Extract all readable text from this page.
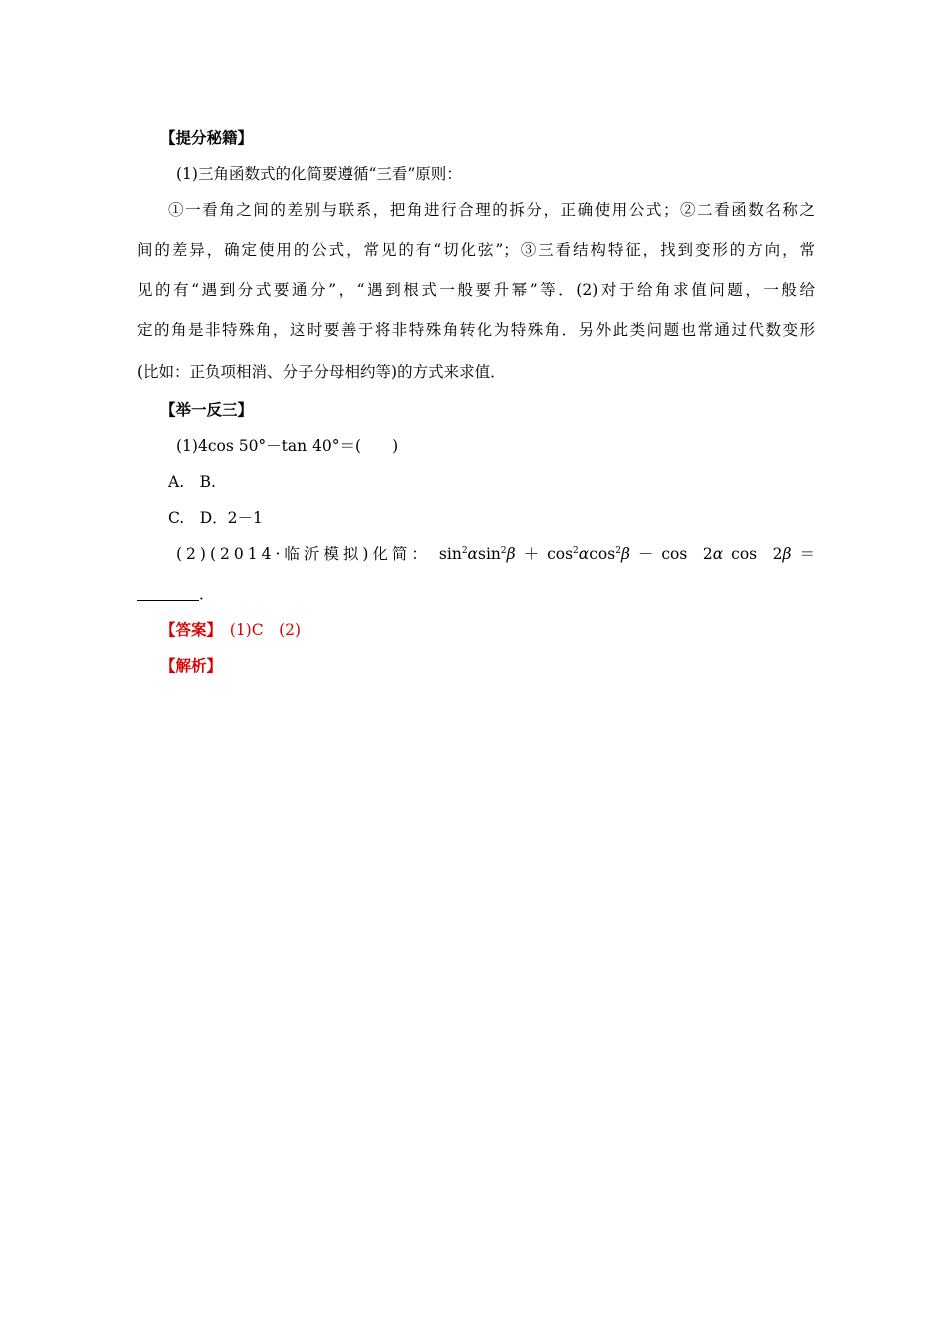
【提分秘籍】
(1)三角函数式的化简要遵循“三看”原则：
①一看角之间的差别与联系，把角进行合理的拆分，正确使用公式；②二看函数名称之
间的差异，确定使用的公式，常见的有“切化弦”；③三看结构特征，找到变形的方向，常
见的有“遇到分式要通分”，“遇到根式一般要升幂”等．(2)对于给角求值问题，一般给
定的角是非特殊角，这时要善于将非特殊角转化为特殊角．另外此类问题也常通过代数变形
(比如：正负项相消、分子分母相约等)的方式来求值．
【举一反三】
(1)4cos 50°－tan 40°＝(　　)
A.　B.
C.　D．2－1
(2)(2014·临沂模拟)化简： $\sin^2\alpha\sin^2\beta + \cos^2\alpha\cos^2\beta - \cos$　2α cos　2β ＝
．
【答案】　(1)C　(2)
【解析】
